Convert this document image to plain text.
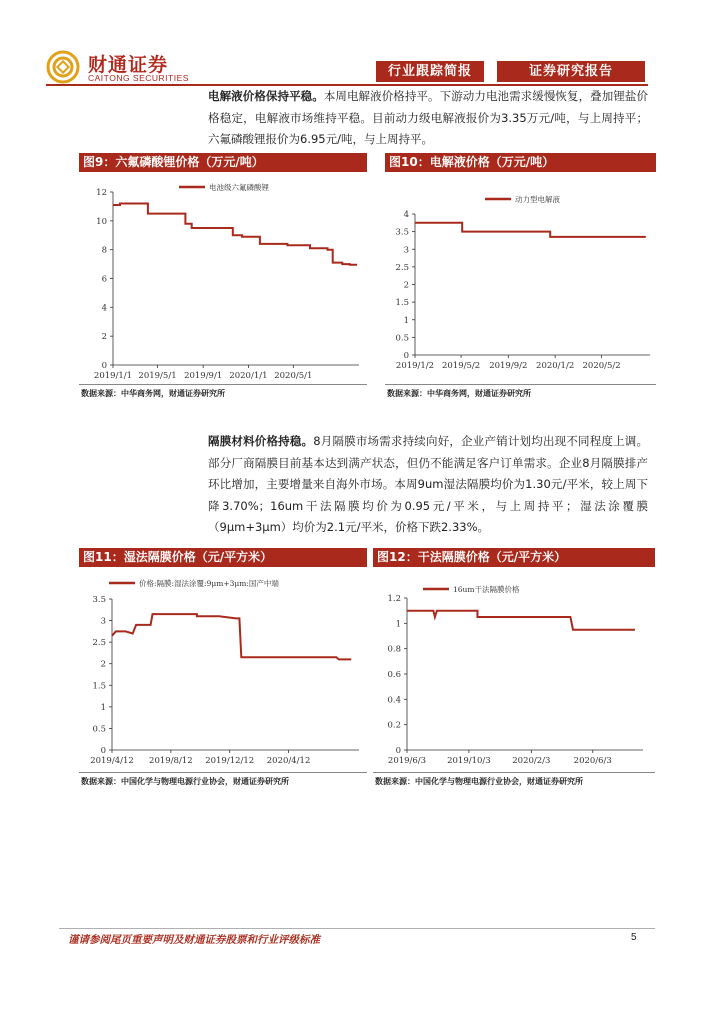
财通证券
CAITONG SECURITIES	行业跟踪简报	证券研究报告
电解液价格保持平稳。本周电解液价格持平。下游动力电池需求缓慢恢复，叠加锂盐价格稳定，电解液市场维持平稳。目前动力级电解液报价为3.35万元/吨，与上周持平；六氟磷酸锂报价为6.95元/吨，与上周持平。
图9：六氟磷酸锂价格（万元/吨）
0
2
4
6
8
10
12
2019/1/1 2019/5/1 2019/9/1 2020/1/1 2020/5/1
电池级六氟磷酸锂
数据来源：中华商务网，财通证券研究所
图10：电解液价格（万元/吨）
0
0.5
1
1.5
2
2.5
3
3.5
4
2019/1/2 2019/5/2 2019/9/2 2020/1/2 2020/5/2
动力型电解液
数据来源：中华商务网，财通证券研究所
隔膜材料价格持稳。8月隔膜市场需求持续向好，企业产销计划均出现不同程度上调。部分厂商隔膜目前基本达到满产状态，但仍不能满足客户订单需求。企业8月隔膜排产环比增加，主要增量来自海外市场。本周9um湿法隔膜均价为1.30元/平米，较上周下降3.70%；16um干法隔膜均价为0.95元/平米，与上周持平；湿法涂覆膜（9μm+3μm）均价为2.1元/平米，价格下跌2.33%。
图11：湿法隔膜价格（元/平方米）
0
0.5
1
1.5
2
2.5
3
3.5
2019/4/12 2019/8/12 2019/12/12 2020/4/12
价格:隔膜:湿法涂覆:9μm+3μm:国产中端
数据来源：中国化学与物理电源行业协会，财通证券研究所
图12：干法隔膜价格（元/平方米）
0
0.2
0.4
0.6
0.8
1
1.2
2019/6/3 2019/10/3	2020/2/3	2020/6/3
16um干法隔膜价格
数据来源：中国化学与物理电源行业协会，财通证券研究所
谨请参阅尾页重要声明及财通证券股票和行业评级标准	5
